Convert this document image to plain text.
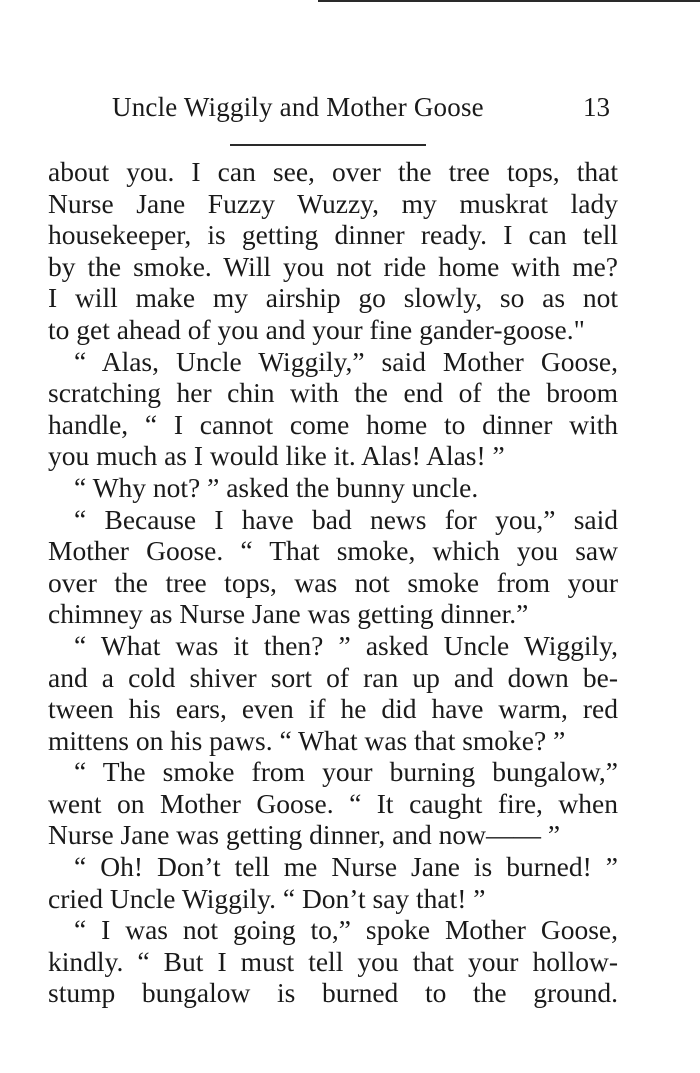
Uncle Wiggily and Mother Goose	13
about you. I can see, over the tree tops, that
Nurse Jane Fuzzy Wuzzy, my muskrat lady
housekeeper, is getting dinner ready. I can tell
by the smoke. Will you not ride home with me?
I will make my airship go slowly, so as not
to get ahead of you and your fine gander-goose."
“ Alas, Uncle Wiggily,” said Mother Goose,
scratching her chin with the end of the broom
handle, “ I cannot come home to dinner with
you much as I would like it. Alas! Alas! ”
“ Why not? ” asked the bunny uncle.
“ Because I have bad news for you,” said
Mother Goose. “ That smoke, which you saw
over the tree tops, was not smoke from your
chimney as Nurse Jane was getting dinner.”
“ What was it then? ” asked Uncle Wiggily,
and a cold shiver sort of ran up and down be-
tween his ears, even if he did have warm, red
mittens on his paws. “ What was that smoke? ”
“ The smoke from your burning bungalow,”
went on Mother Goose. “ It caught fire, when
Nurse Jane was getting dinner, and now—— ”
“ Oh! Don’t tell me Nurse Jane is burned! ”
cried Uncle Wiggily. “ Don’t say that! ”
“ I was not going to,” spoke Mother Goose,
kindly. “ But I must tell you that your hollow-
stump bungalow is burned to the ground.
